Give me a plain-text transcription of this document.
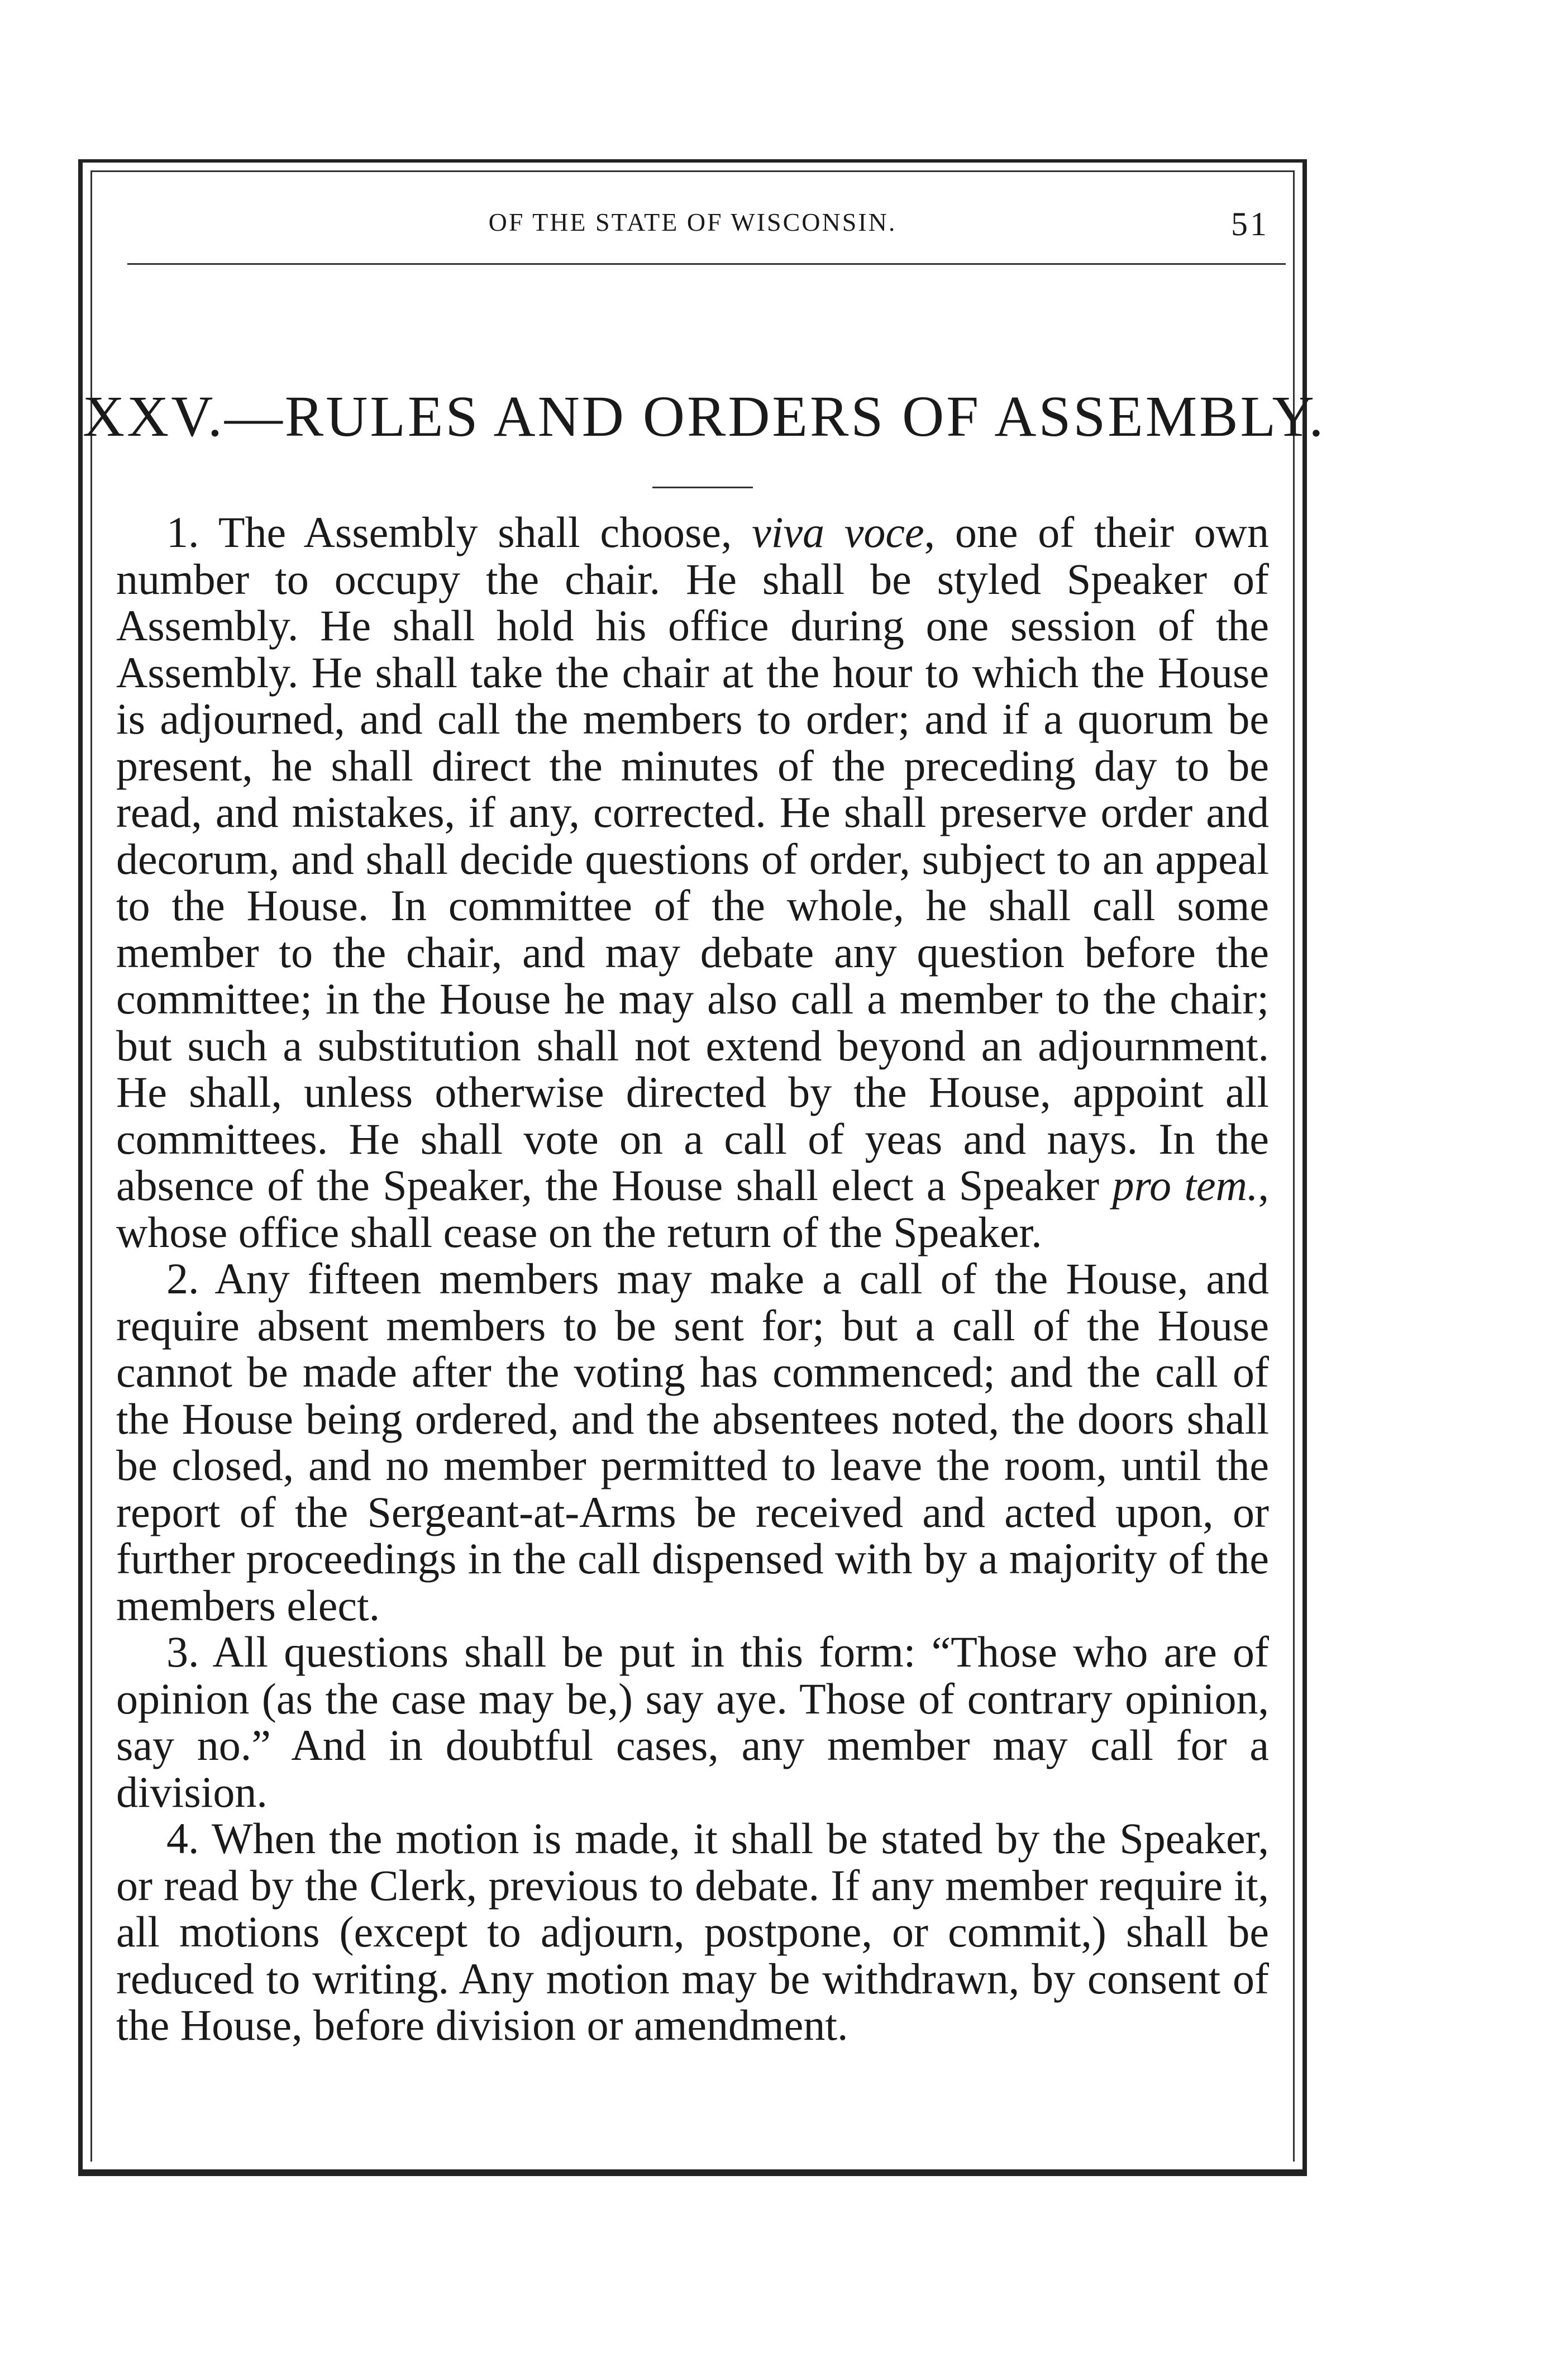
OF THE STATE OF WISCONSIN.	51
XXV.—RULES AND ORDERS OF ASSEMBLY.

1. The Assembly shall choose, viva voce, one of their own number to occupy the chair. He shall be styled Speaker of Assembly. He shall hold his office during one session of the Assembly. He shall take the chair at the hour to which the House is adjourned, and call the members to order; and if a quorum be present, he shall direct the minutes of the preceding day to be read, and mistakes, if any, corrected. He shall preserve order and decorum, and shall decide questions of order, subject to an appeal to the House. In committee of the whole, he shall call some member to the chair, and may debate any question before the committee; in the House he may also call a member to the chair; but such a substitution shall not extend beyond an adjournment. He shall, unless otherwise directed by the House, appoint all committees. He shall vote on a call of yeas and nays. In the absence of the Speaker, the House shall elect a Speaker pro tem., whose office shall cease on the return of the Speaker.

2. Any fifteen members may make a call of the House, and require absent members to be sent for; but a call of the House cannot be made after the voting has commenced; and the call of the House being ordered, and the absentees noted, the doors shall be closed, and no member permitted to leave the room, until the report of the Sergeant-at-Arms be received and acted upon, or further proceedings in the call dispensed with by a majority of the members elect.

3. All questions shall be put in this form: “Those who are of opinion (as the case may be,) say aye. Those of contrary opinion, say no.” And in doubtful cases, any member may call for a division.

4. When the motion is made, it shall be stated by the Speaker, or read by the Clerk, previous to debate. If any member require it, all motions (except to adjourn, postpone, or commit,) shall be reduced to writing. Any motion may be withdrawn, by consent of the House, before division or amendment.
